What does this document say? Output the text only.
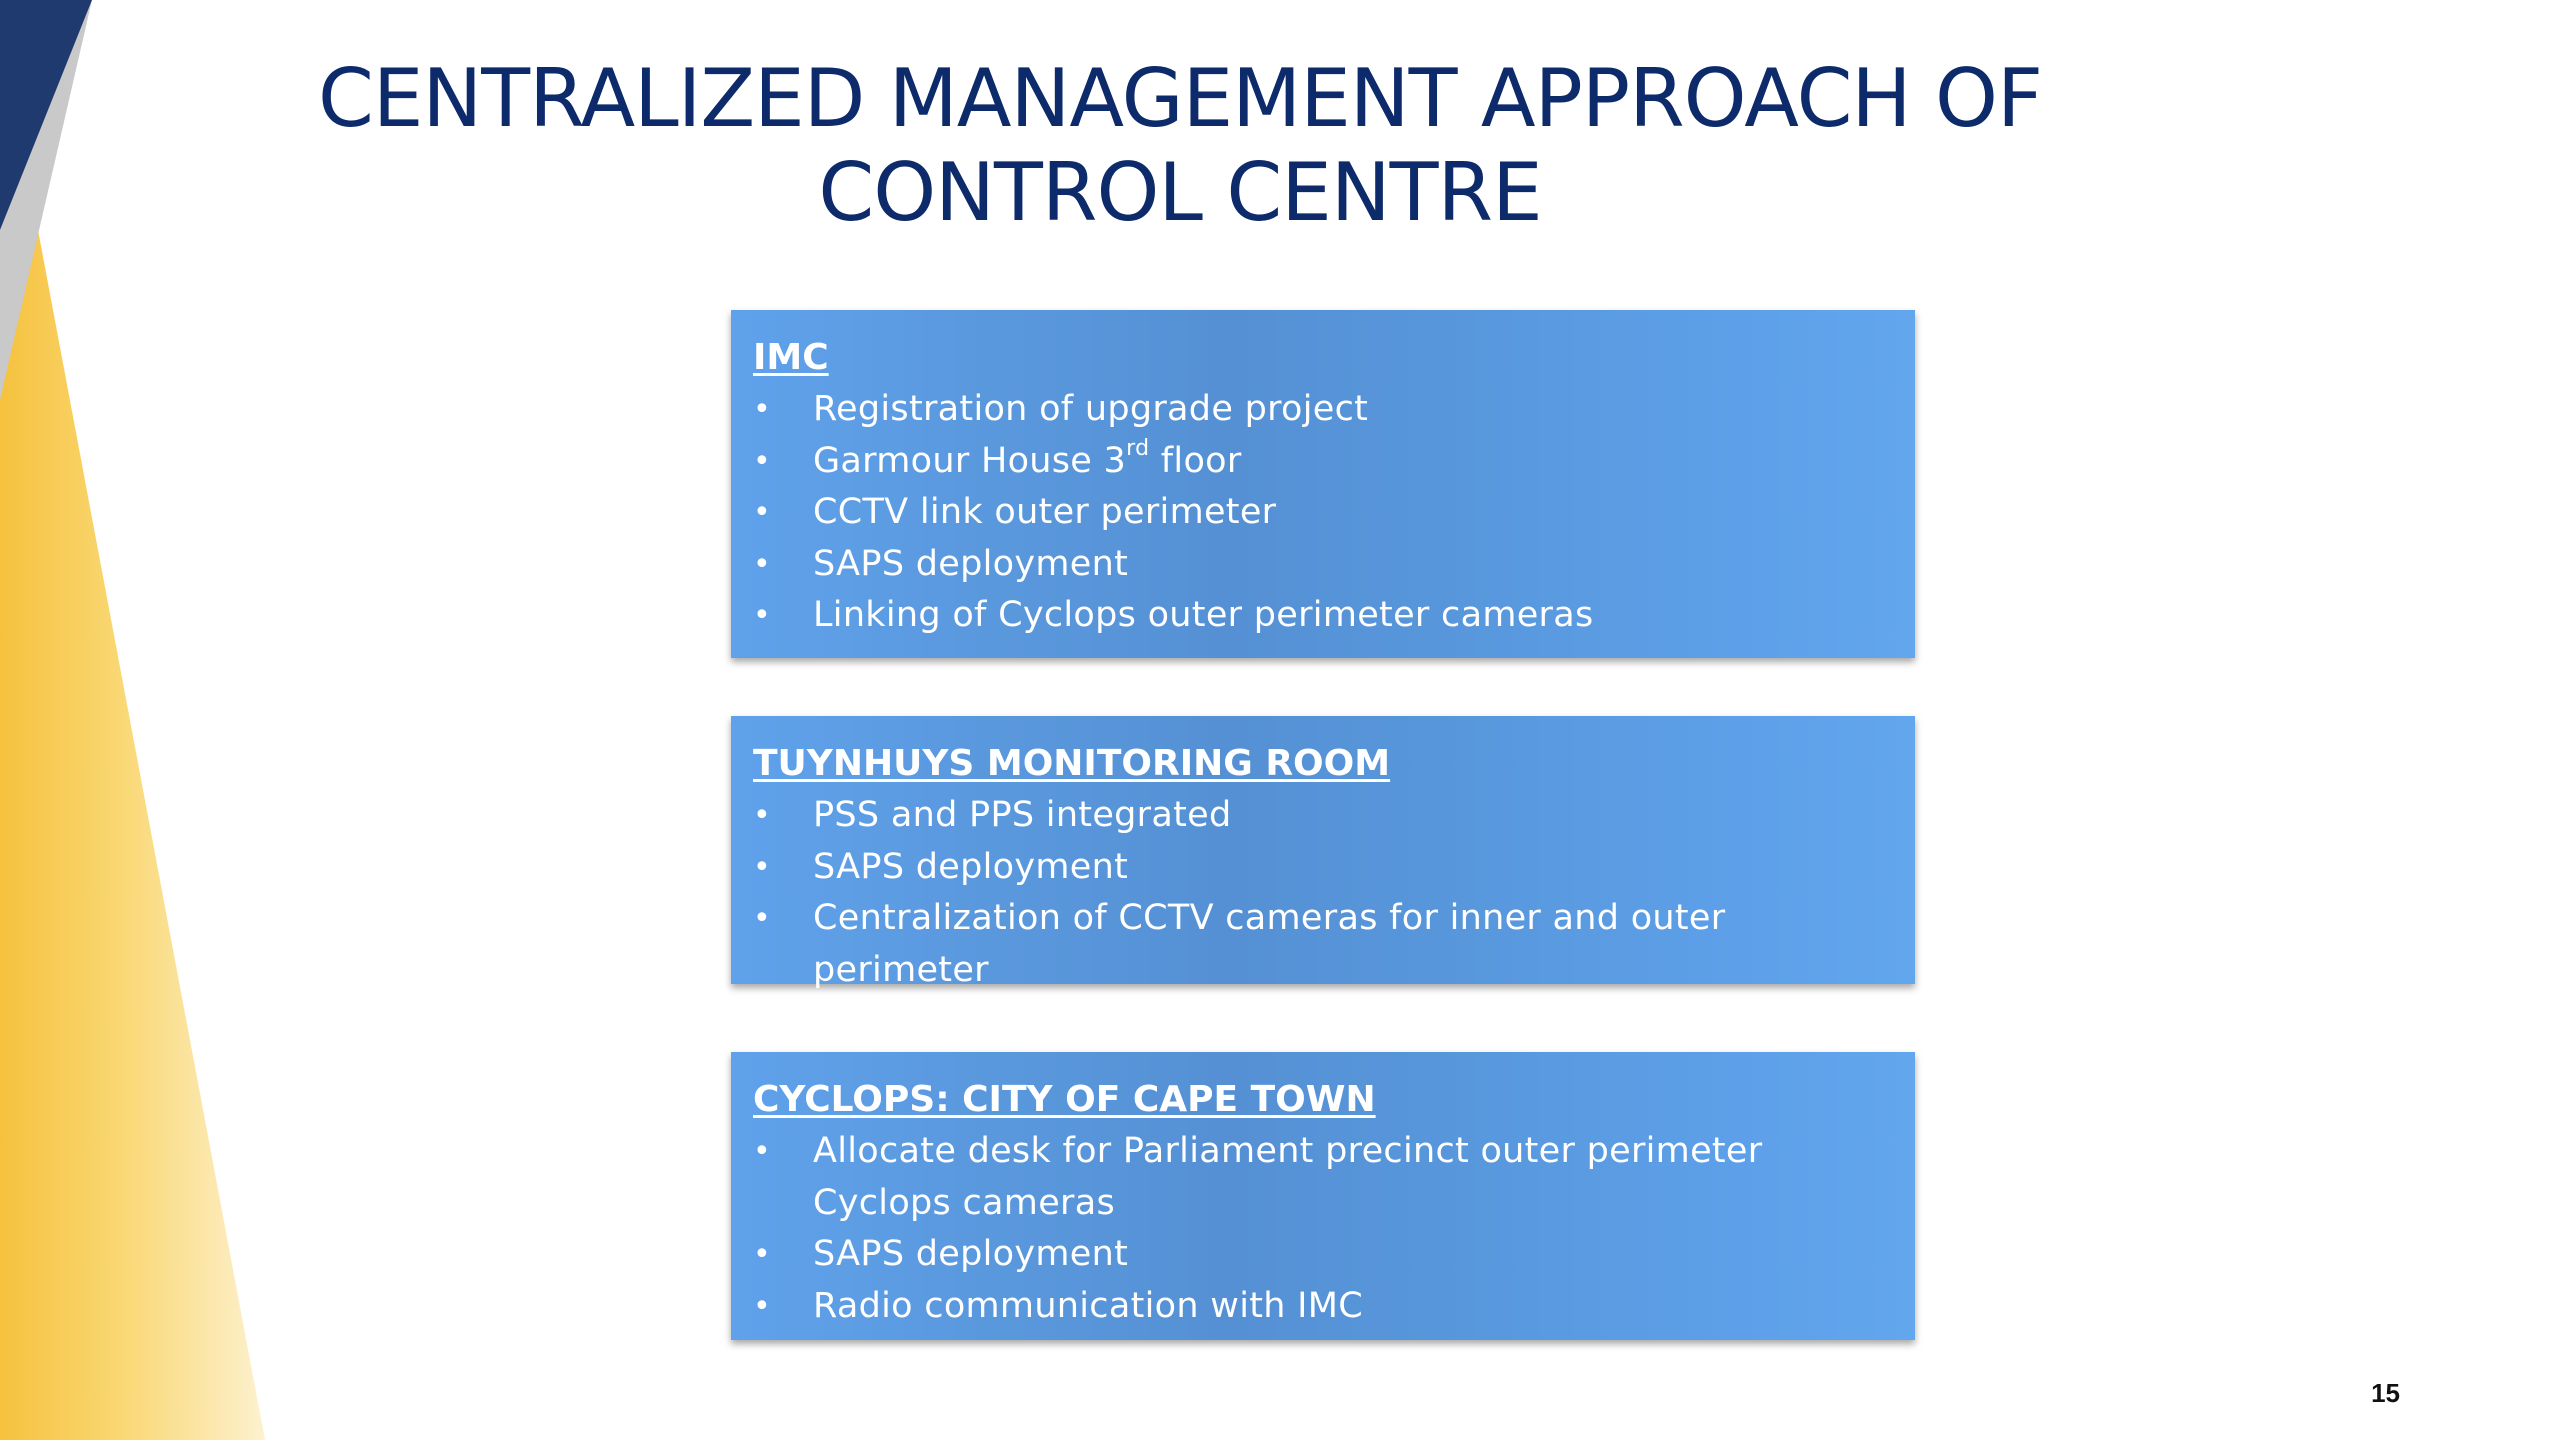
CENTRALIZED MANAGEMENT APPROACH OF
CONTROL CENTRE
IMC
• Registration of upgrade project
• Garmour House 3rd floor
• CCTV link outer perimeter
• SAPS deployment
• Linking of Cyclops outer perimeter cameras
TUYNHUYS MONITORING ROOM
• PSS and PPS integrated
• SAPS deployment
• Centralization of CCTV cameras for inner and outer perimeter
CYCLOPS: CITY OF CAPE TOWN
• Allocate desk for Parliament precinct outer perimeter Cyclops cameras
• SAPS deployment
• Radio communication with IMC
15
